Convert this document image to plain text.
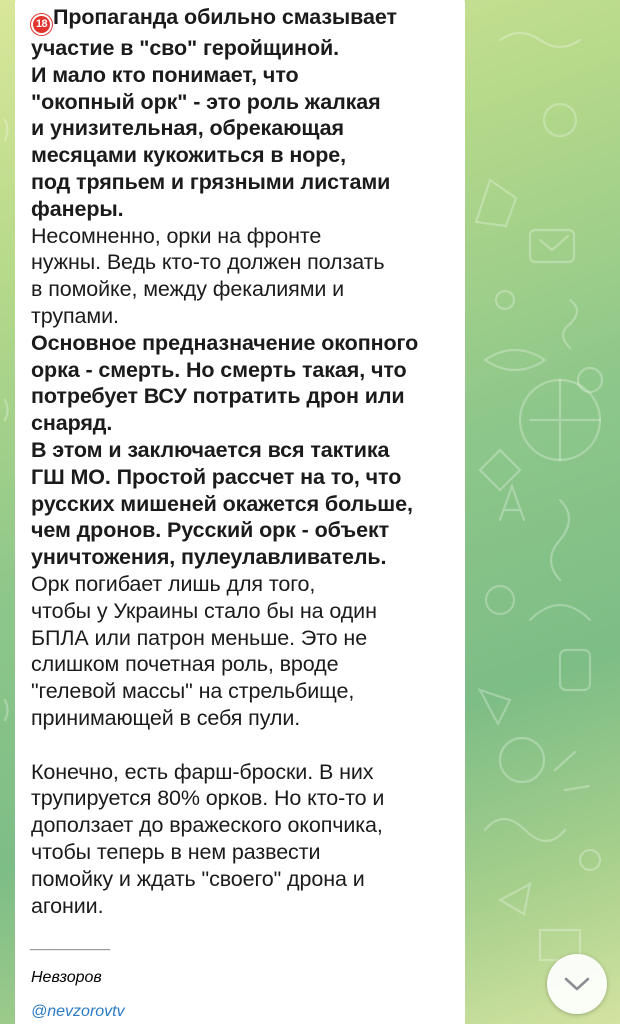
18 Пропаганда обильно смазывает

участие в "сво" геройщиной.

И мало кто понимает, что

"окопный орк" - это роль жалкая

и унизительная, обрекающая

месяцами кукожиться в норе,

под тряпьем и грязными листами

фанеры.

Несомненно, орки на фронте

нужны. Ведь кто-то должен ползать

в помойке, между фекалиями и

трупами.

Основное предназначение окопного

орка - смерть. Но смерть такая, что

потребует ВСУ потратить дрон или

снаряд.

В этом и заключается вся тактика

ГШ МО. Простой рассчет на то, что

русских мишеней окажется больше,

чем дронов. Русский орк - объект

уничтожения, пулеулавливатель.

Орк погибает лишь для того,

чтобы у Украины стало бы на один

БПЛА или патрон меньше. Это не

слишком почетная роль, вроде

"гелевой массы" на стрельбище,

принимающей в себя пули.

Конечно, есть фарш-броски. В них

трупируется 80% орков. Но кто-то и

доползает до вражеского окопчика,

чтобы теперь в нем развести

помойку и ждать "своего" дрона и

агонии.

_________

Невзоров

@nevzorovtv
